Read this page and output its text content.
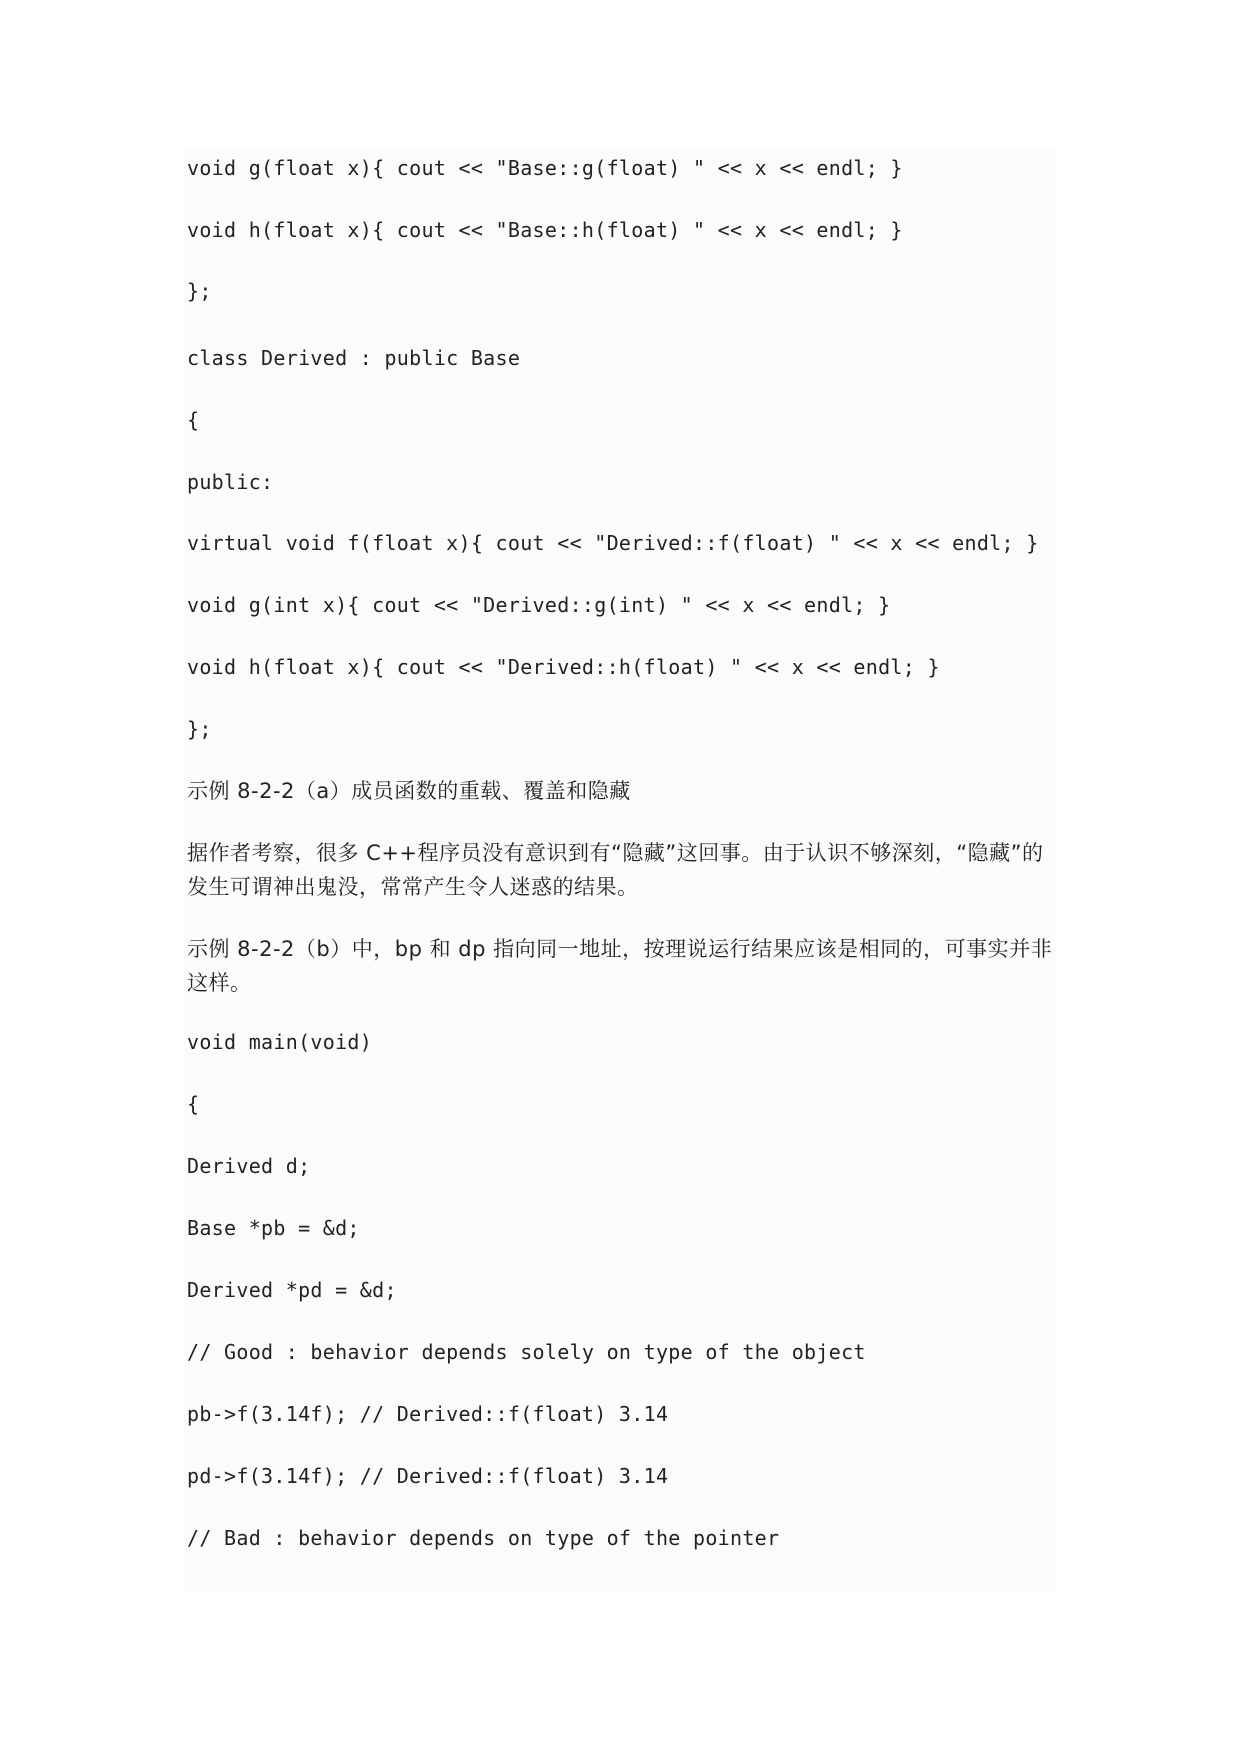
void g(float x){ cout << "Base::g(float) " << x << endl; }
void h(float x){ cout << "Base::h(float) " << x << endl; }
};
class Derived : public Base
{
public:
virtual void f(float x){ cout << "Derived::f(float) " << x << endl; }
void g(int x){ cout << "Derived::g(int) " << x << endl; }
void h(float x){ cout << "Derived::h(float) " << x << endl; }
};
示例 8-2-2（a）成员函数的重载、覆盖和隐藏
据作者考察，很多 C++程序员没有意识到有“隐藏”这回事。由于认识不够深刻，“隐藏”的发生可谓神出鬼没，常常产生令人迷惑的结果。
示例 8-2-2（b）中，bp 和 dp 指向同一地址，按理说运行结果应该是相同的，可事实并非这样。
void main(void)
{
Derived d;
Base *pb = &d;
Derived *pd = &d;
// Good : behavior depends solely on type of the object
pb->f(3.14f); // Derived::f(float) 3.14
pd->f(3.14f); // Derived::f(float) 3.14
// Bad : behavior depends on type of the pointer
